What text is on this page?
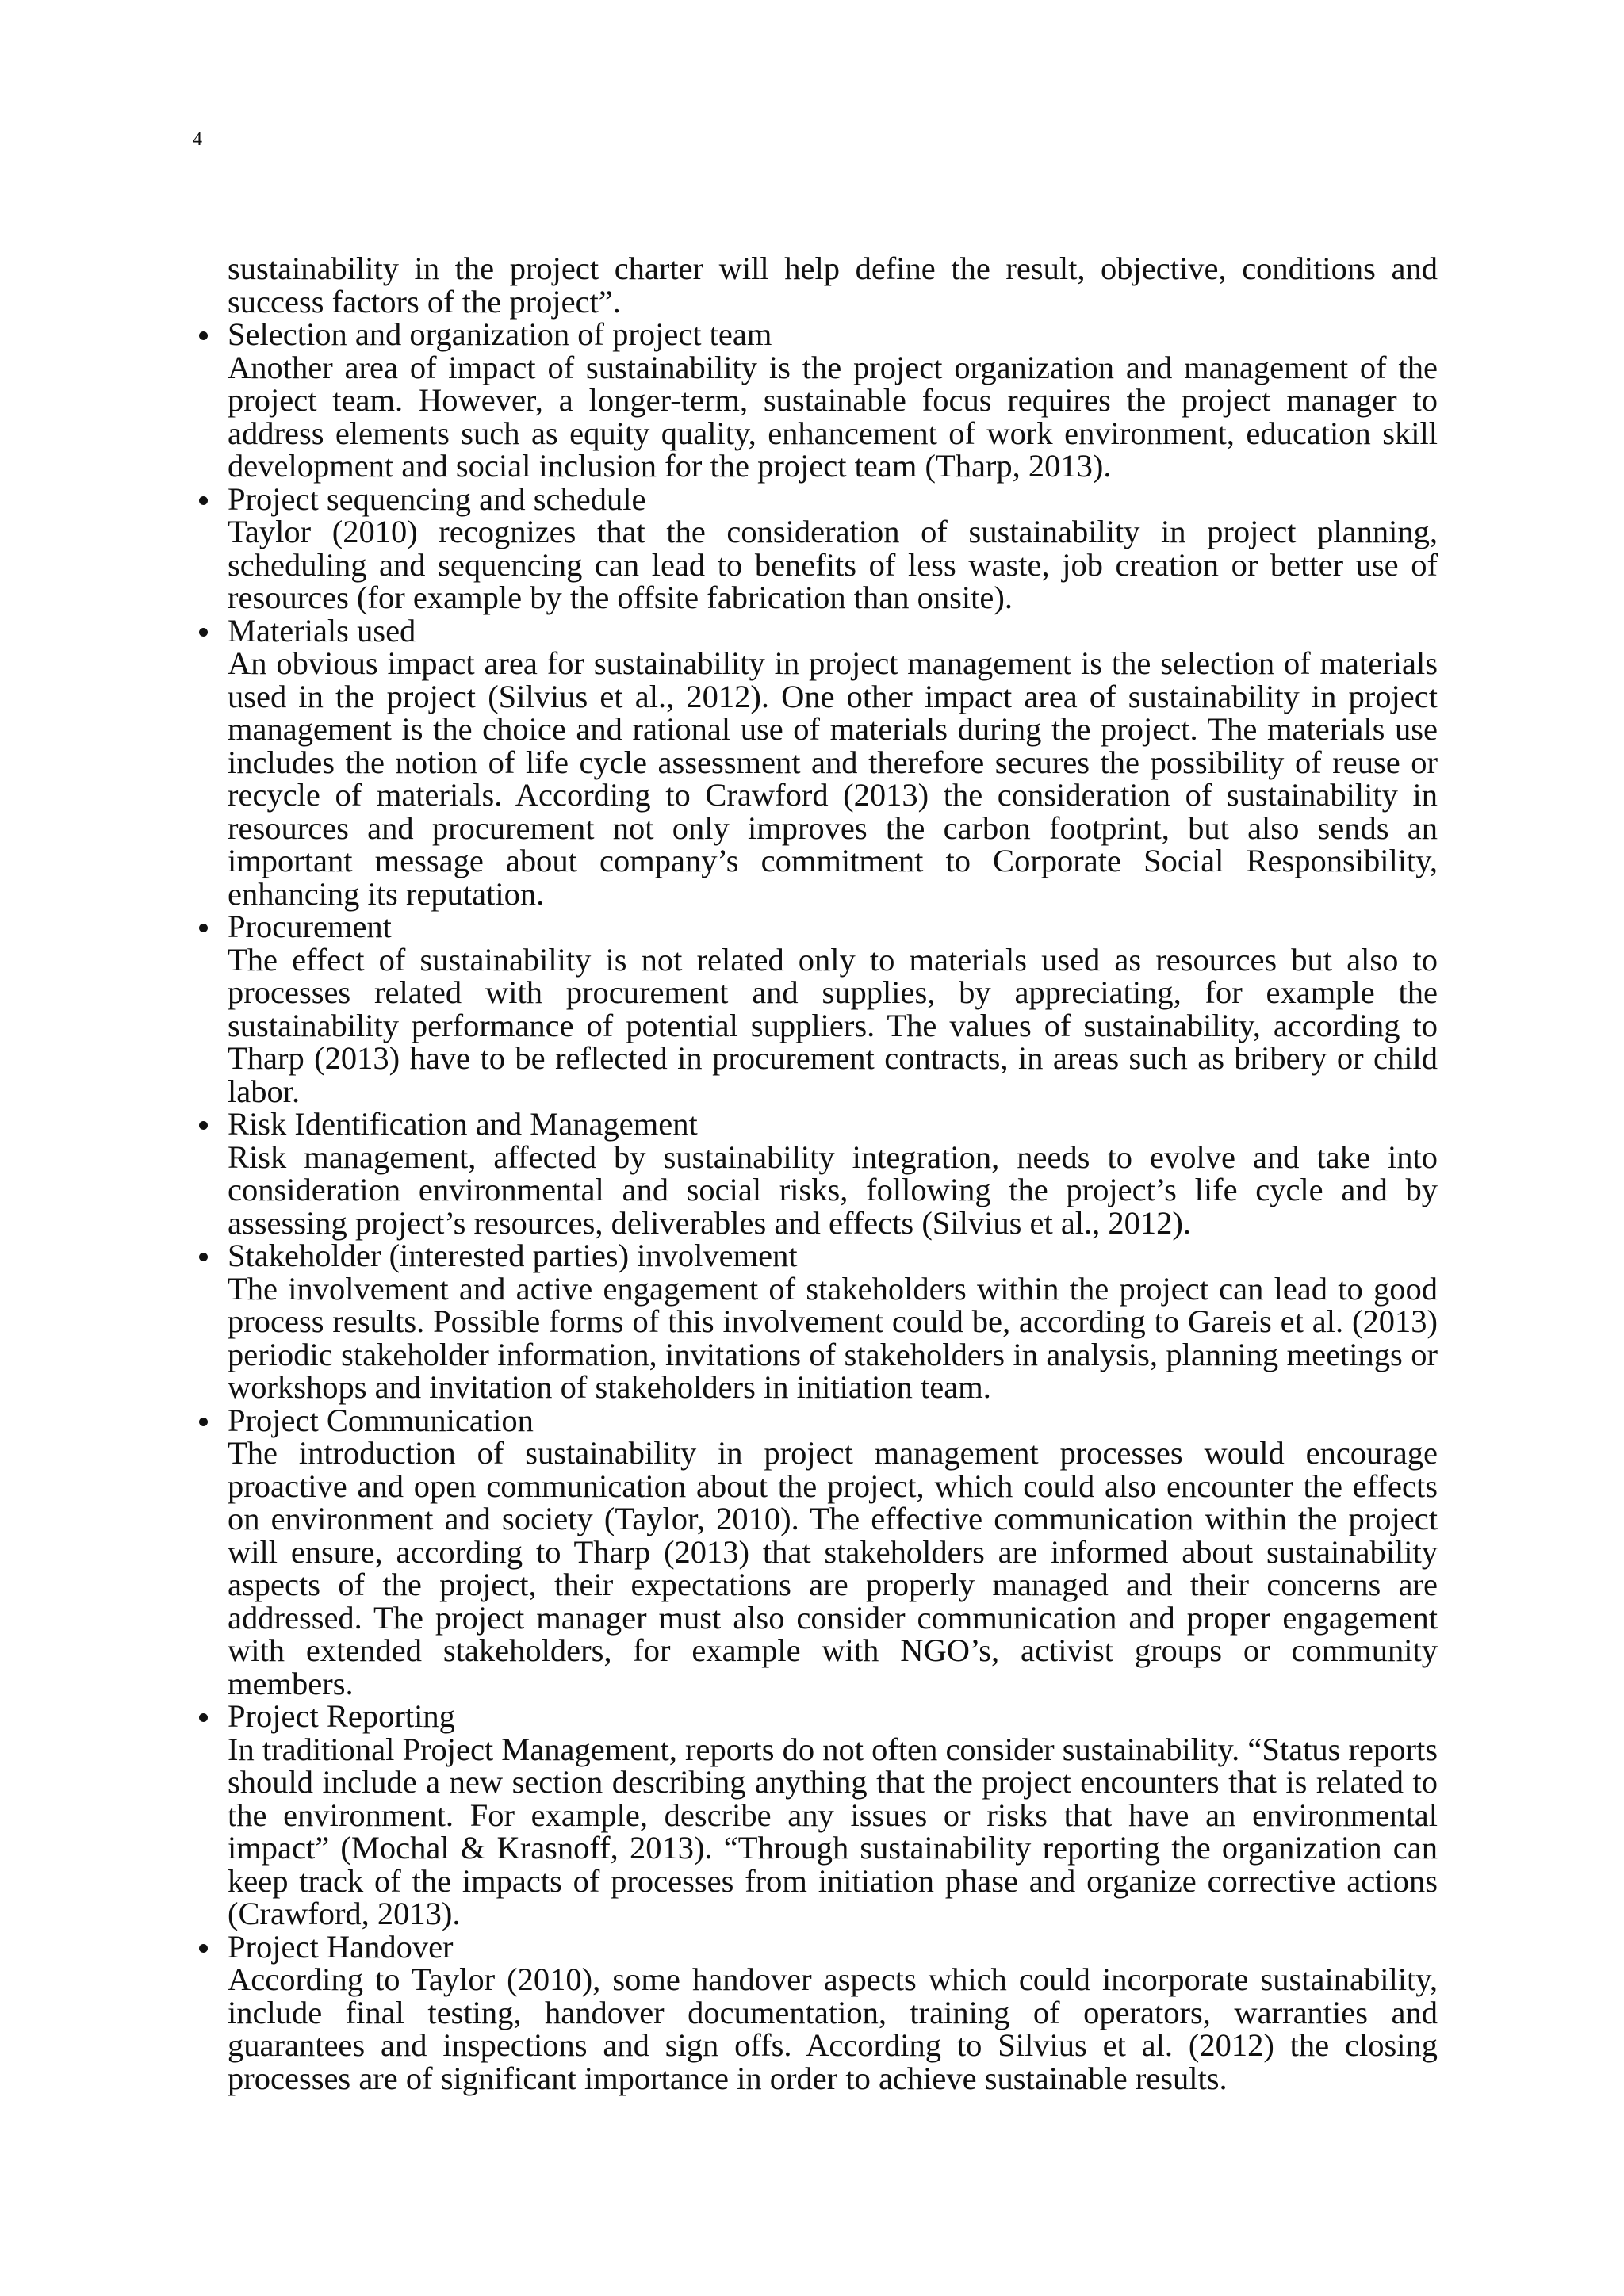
4

sustainability in the project charter will help define the result, objective, conditions and success factors of the project”.

Selection and organization of project team
Another area of impact of sustainability is the project organization and management of the project team. However, a longer-term, sustainable focus requires the project manager to address elements such as equity quality, enhancement of work environment, education skill development and social inclusion for the project team (Tharp, 2013).
Project sequencing and schedule
Taylor (2010) recognizes that the consideration of sustainability in project planning, scheduling and sequencing can lead to benefits of less waste, job creation or better use of resources (for example by the offsite fabrication than onsite).
Materials used
An obvious impact area for sustainability in project management is the selection of materials used in the project (Silvius et al., 2012). One other impact area of sustainability in project management is the choice and rational use of materials during the project. The materials use includes the notion of life cycle assessment and therefore secures the possibility of reuse or recycle of materials. According to Crawford (2013) the consideration of sustainability in resources and procurement not only improves the carbon footprint, but also sends an important message about company’s commitment to Corporate Social Responsibility, enhancing its reputation.
Procurement
The effect of sustainability is not related only to materials used as resources but also to processes related with procurement and supplies, by appreciating, for example the sustainability performance of potential suppliers. The values of sustainability, according to Tharp (2013) have to be reflected in procurement contracts, in areas such as bribery or child labor.
Risk Identification and Management
Risk management, affected by sustainability integration, needs to evolve and take into consideration environmental and social risks, following the project’s life cycle and by assessing project’s resources, deliverables and effects (Silvius et al., 2012).
Stakeholder (interested parties) involvement
The involvement and active engagement of stakeholders within the project can lead to good process results. Possible forms of this involvement could be, according to Gareis et al. (2013) periodic stakeholder information, invitations of stakeholders in analysis, planning meetings or workshops and invitation of stakeholders in initiation team.
Project Communication
The introduction of sustainability in project management processes would encourage proactive and open communication about the project, which could also encounter the effects on environment and society (Taylor, 2010). The effective communication within the project will ensure, according to Tharp (2013) that stakeholders are informed about sustainability aspects of the project, their expectations are properly managed and their concerns are addressed. The project manager must also consider communication and proper engagement with extended stakeholders, for example with NGO’s, activist groups or community members.
Project Reporting
In traditional Project Management, reports do not often consider sustainability. “Status reports should include a new section describing anything that the project encounters that is related to the environment. For example, describe any issues or risks that have an environmental impact” (Mochal & Krasnoff, 2013). “Through sustainability reporting the organization can keep track of the impacts of processes from initiation phase and organize corrective actions (Crawford, 2013).
Project Handover
According to Taylor (2010), some handover aspects which could incorporate sustainability, include final testing, handover documentation, training of operators, warranties and guarantees and inspections and sign offs. According to Silvius et al. (2012) the closing processes are of significant importance in order to achieve sustainable results.
